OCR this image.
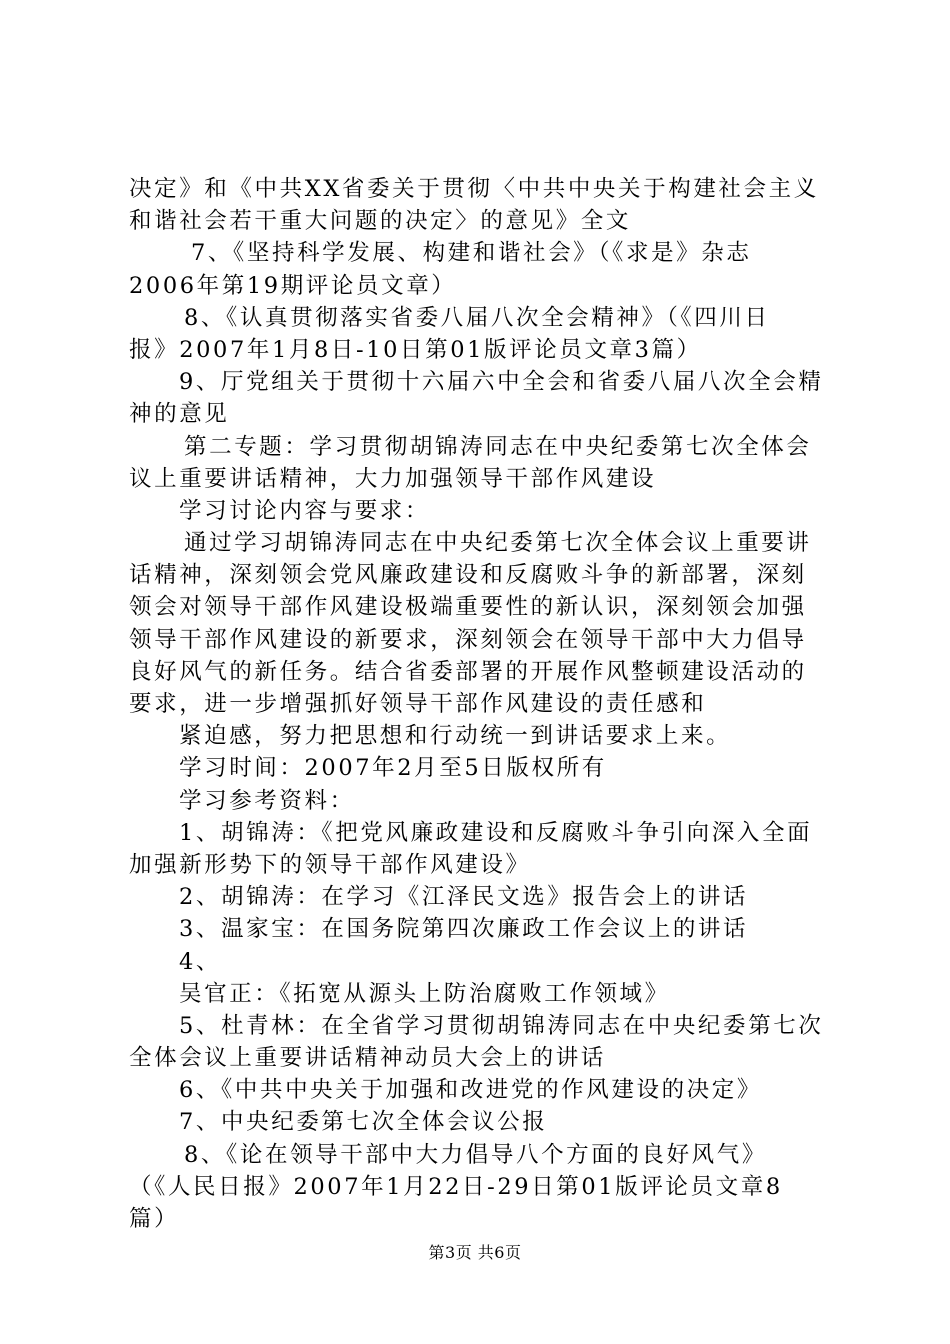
决定》和《中共XX省委关于贯彻〈中共中央关于构建社会主义
和谐社会若干重大问题的决定〉的意见》全文
7、《坚持科学发展、构建和谐社会》（《求是》杂志
2006年第19期评论员文章）
8、《认真贯彻落实省委八届八次全会精神》（《四川日
报》2007年1月8日-10日第01版评论员文章3篇）
9、厅党组关于贯彻十六届六中全会和省委八届八次全会精
神的意见
第二专题：学习贯彻胡锦涛同志在中央纪委第七次全体会
议上重要讲话精神，大力加强领导干部作风建设
学习讨论内容与要求：
通过学习胡锦涛同志在中央纪委第七次全体会议上重要讲
话精神，深刻领会党风廉政建设和反腐败斗争的新部署，深刻
领会对领导干部作风建设极端重要性的新认识，深刻领会加强
领导干部作风建设的新要求，深刻领会在领导干部中大力倡导
良好风气的新任务。结合省委部署的开展作风整顿建设活动的
要求，进一步增强抓好领导干部作风建设的责任感和
紧迫感，努力把思想和行动统一到讲话要求上来。
学习时间：2007年2月至5日版权所有
学习参考资料：
1、胡锦涛：《把党风廉政建设和反腐败斗争引向深入全面
加强新形势下的领导干部作风建设》
2、胡锦涛：在学习《江泽民文选》报告会上的讲话
3、温家宝：在国务院第四次廉政工作会议上的讲话
4、
吴官正：《拓宽从源头上防治腐败工作领域》
5、杜青林：在全省学习贯彻胡锦涛同志在中央纪委第七次
全体会议上重要讲话精神动员大会上的讲话
6、《中共中央关于加强和改进党的作风建设的决定》
7、中央纪委第七次全体会议公报
8、《论在领导干部中大力倡导八个方面的良好风气》
（《人民日报》2007年1月22日-29日第01版评论员文章8
篇）
第3页 共6页
